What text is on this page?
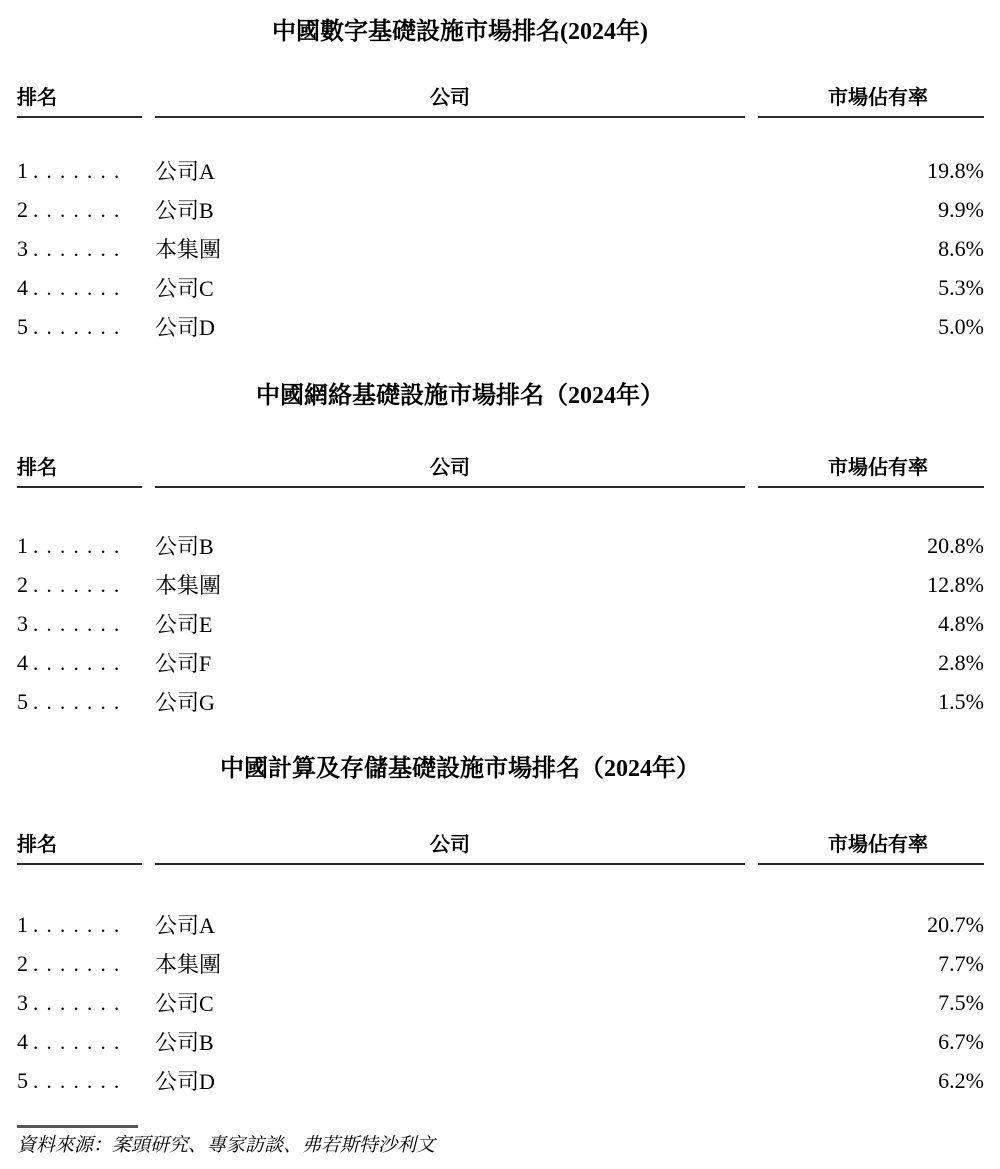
中國數字基礎設施市場排名(2024年)
排名	公司	市場佔有率
1 . . . . . . .	公司A	19.8%
2 . . . . . . .	公司B	9.9%
3 . . . . . . .	本集團	8.6%
4 . . . . . . .	公司C	5.3%
5 . . . . . . .	公司D	5.0%
中國網絡基礎設施市場排名（2024年）
排名	公司	市場佔有率
1 . . . . . . .	公司B	20.8%
2 . . . . . . .	本集團	12.8%
3 . . . . . . .	公司E	4.8%
4 . . . . . . .	公司F	2.8%
5 . . . . . . .	公司G	1.5%
中國計算及存儲基礎設施市場排名（2024年）
排名	公司	市場佔有率
1 . . . . . . .	公司A	20.7%
2 . . . . . . .	本集團	7.7%
3 . . . . . . .	公司C	7.5%
4 . . . . . . .	公司B	6.7%
5 . . . . . . .	公司D	6.2%
資料來源：案頭研究、專家訪談、弗若斯特沙利文
